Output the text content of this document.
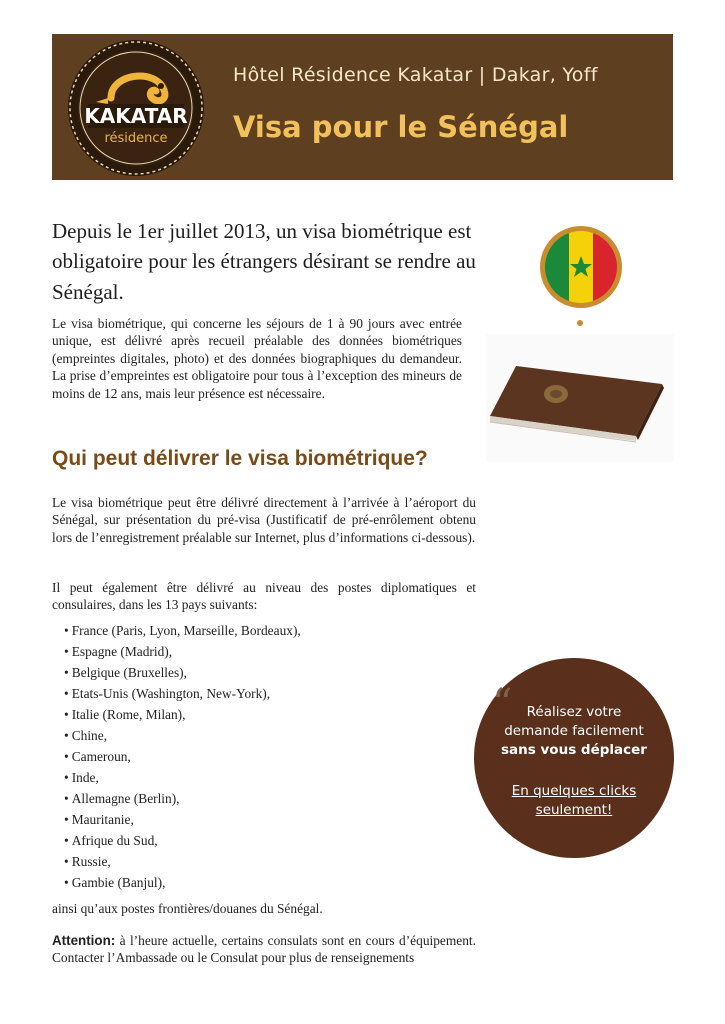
Hôtel Résidence Kakatar | Dakar, Yoff
Visa pour le Sénégal
KAKATAR
résidence
Depuis le 1er juillet 2013, un visa biométrique est obligatoire pour les étrangers désirant se rendre au Sénégal.
Le visa biométrique, qui concerne les séjours de 1 à 90 jours avec entrée unique, est délivré après recueil préalable des données biométriques (empreintes digitales, photo) et des données biographiques du demandeur. La prise d’empreintes est obligatoire pour tous à l’exception des mineurs de moins de 12 ans, mais leur présence est nécessaire.
Qui peut délivrer le visa biométrique?
Le visa biométrique peut être délivré directement à l’arrivée à l’aéroport du Sénégal, sur présentation du pré-visa (Justificatif de pré-enrôlement obtenu lors de l’enregistrement préalable sur Internet, plus d’informations ci-dessous).
Il peut également être délivré au niveau des postes diplomatiques et consulaires, dans les 13 pays suivants:
• France (Paris, Lyon, Marseille, Bordeaux),
• Espagne (Madrid),
• Belgique (Bruxelles),
• Etats-Unis (Washington, New-York),
• Italie (Rome, Milan),
• Chine,
• Cameroun,
• Inde,
• Allemagne (Berlin),
• Mauritanie,
• Afrique du Sud,
• Russie,
• Gambie (Banjul),
ainsi qu’aux postes frontières/douanes du Sénégal.
Attention: à l’heure actuelle, certains consulats sont en cours d’équipement. Contacter l’Ambassade ou le Consulat pour plus de renseignements
“	Réalisez votre
demande facilement
sans vous déplacer
En quelques clicks
seulement!
